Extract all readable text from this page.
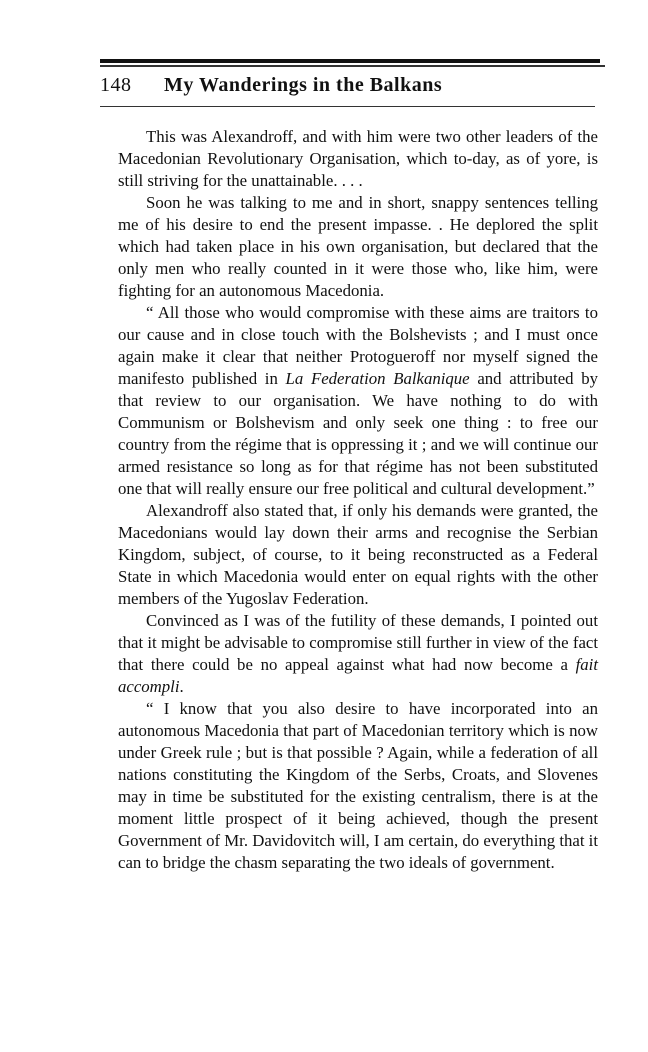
148	My Wanderings in the Balkans

This was Alexandroff, and with him were two other leaders of the Macedonian Revolutionary Organisation, which to-day, as of yore, is still striving for the unattainable. . . .

Soon he was talking to me and in short, snappy sentences telling me of his desire to end the present impasse. . He deplored the split which had taken place in his own organisation, but declared that the only men who really counted in it were those who, like him, were fighting for an autonomous Macedonia.

“ All those who would compromise with these aims are traitors to our cause and in close touch with the Bolshevists ; and I must once again make it clear that neither Protogueroff nor myself signed the manifesto published in La Federation Balkanique and attributed by that review to our organisation. We have nothing to do with Communism or Bolshevism and only seek one thing : to free our country from the régime that is oppressing it ; and we will continue our armed resistance so long as for that régime has not been substituted one that will really ensure our free political and cultural development.”

Alexandroff also stated that, if only his demands were granted, the Macedonians would lay down their arms and recognise the Serbian Kingdom, subject, of course, to it being reconstructed as a Federal State in which Macedonia would enter on equal rights with the other members of the Yugoslav Federation.

Convinced as I was of the futility of these demands, I pointed out that it might be advisable to compromise still further in view of the fact that there could be no appeal against what had now become a fait accompli.

“ I know that you also desire to have incorporated into an autonomous Macedonia that part of Macedonian territory which is now under Greek rule ; but is that possible ? Again, while a federation of all nations constituting the Kingdom of the Serbs, Croats, and Slovenes may in time be substituted for the existing centralism, there is at the moment little prospect of it being achieved, though the present Government of Mr. Davidovitch will, I am certain, do everything that it can to bridge the chasm separating the two ideals of government.
